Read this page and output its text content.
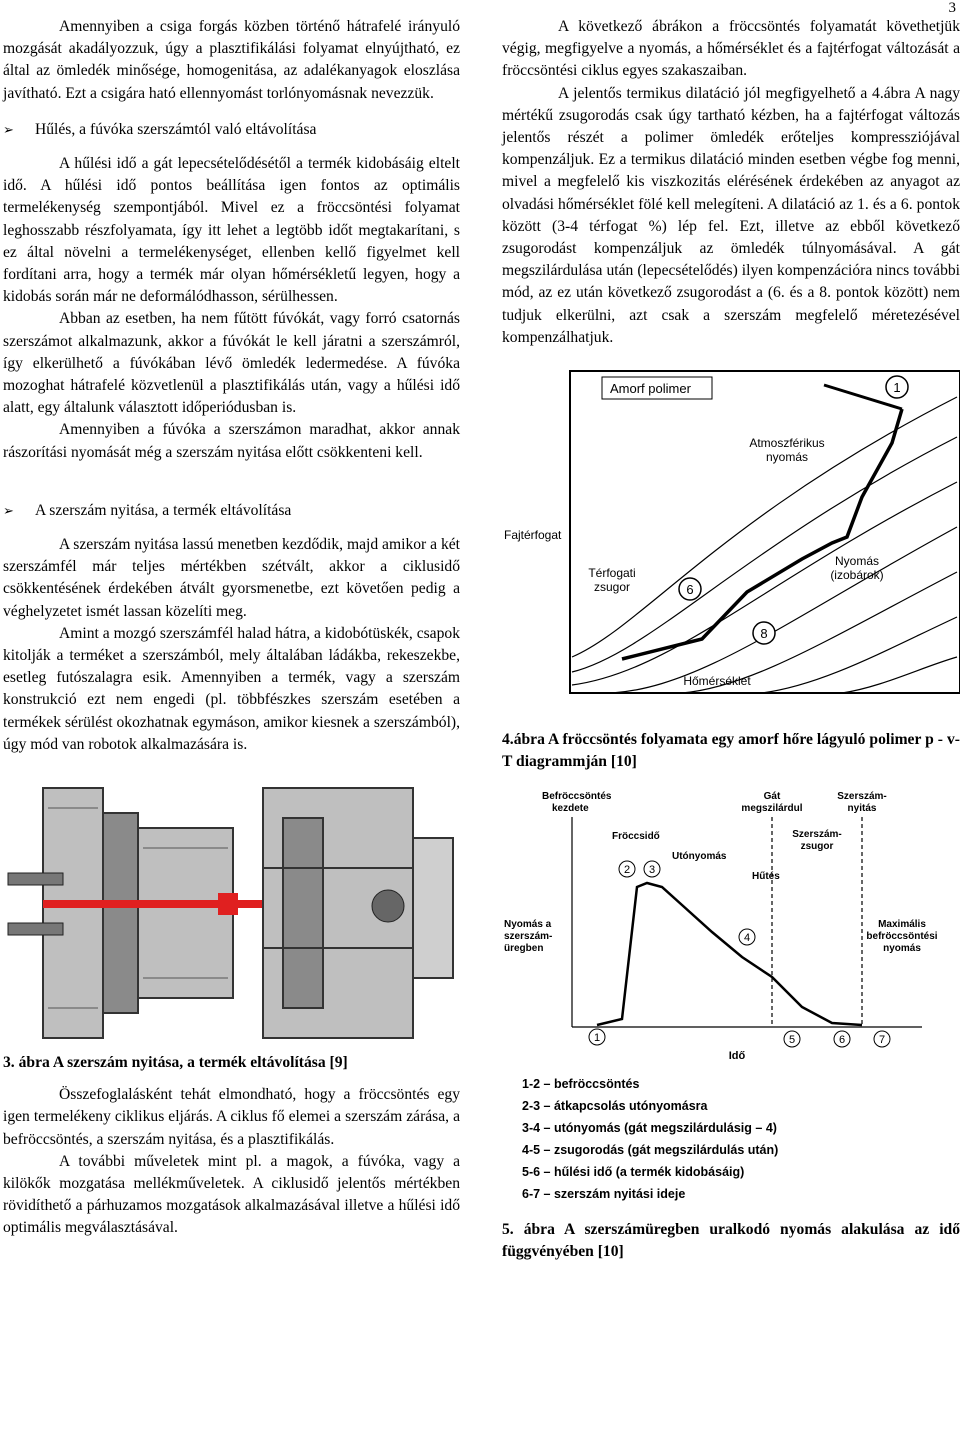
3

Amennyiben a csiga forgás közben történő hátrafelé irányuló mozgását akadályozzuk, úgy a plasztifikálási folyamat elnyújtható, ez által az ömledék minősége, homogenitása, az adalékanyagok eloszlása javítható. Ezt a csigára ható ellennyomást torlónyomásnak nevezzük.

➢	Hűlés, a fúvóka szerszámtól való eltávolítása

A hűlési idő a gát lepecsételődésétől a termék kidobásáig eltelt idő. A hűlési idő pontos beállítása igen fontos az optimális termelékenység szempontjából. Mivel ez a fröccsöntési folyamat leghosszabb részfolyamata, így itt lehet a legtöbb időt megtakarítani, s ez által növelni a termelékenységet, ellenben kellő figyelmet kell fordítani arra, hogy a termék már olyan hőmérsékletű legyen, hogy a kidobás során már ne deformálódhasson, sérülhessen.

Abban az esetben, ha nem fűtött fúvókát, vagy forró csatornás szerszámot alkalmazunk, akkor a fúvókát le kell járatni a szerszámról, így elkerülhető a fúvókában lévő ömledék ledermedése. A fúvóka mozoghat hátrafelé közvetlenül a plasztifikálás után, vagy a hűlési idő alatt, egy általunk választott időperiódusban is.

Amennyiben a fúvóka a szerszámon maradhat, akkor annak rászorítási nyomását még a szerszám nyitása előtt csökkenteni kell.

➢	A szerszám nyitása, a termék eltávolítása

A szerszám nyitása lassú menetben kezdődik, majd amikor a két szerszámfél már teljes mértékben szétvált, akkor a ciklusidő csökkentésének érdekében átvált gyorsmenetbe, ezt követően pedig a véghelyzetet ismét lassan közelíti meg.

Amint a mozgó szerszámfél halad hátra, a kidobótüskék, csapok kitolják a terméket a szerszámból, mely általában ládákba, rekeszekbe, esetleg futószalagra esik. Amennyiben a termék, vagy a szerszám konstrukció ezt nem engedi (pl. többfészkes szerszám esetében a termékek sérülést okozhatnak egymáson, amikor kiesnek a szerszámból), úgy mód van robotok alkalmazására is.

3. ábra A szerszám nyitása, a termék eltávolítása [9]

Összefoglalásként tehát elmondható, hogy a fröccsöntés egy igen termelékeny ciklikus eljárás. A ciklus fő elemei a szerszám zárása, a befröccsöntés, a szerszám nyitása, és a plasztifikálás.

A további műveletek mint pl. a magok, a fúvóka, vagy a kilökők mozgatása mellékműveletek. A ciklusidő jelentős mértékben rövidíthető a párhuzamos mozgatások alkalmazásával illetve a hűlési idő optimális megválasztásával.

A következő ábrákon a fröccsöntés folyamatát követhetjük végig, megfigyelve a nyomás, a hőmérséklet és a fajtérfogat változását a fröccsöntési ciklus egyes szakaszaiban.

A jelentős termikus dilatáció jól megfigyelhető a 4.ábra A nagy mértékű zsugorodás csak úgy tartható kézben, ha a fajtérfogat változás jelentős részét a polimer ömledék erőteljes kompressziójával kompenzáljuk. Ez a termikus dilatáció minden esetben végbe fog menni, mivel a megfelelő kis viszkozitás elérésének érdekében az anyagot az olvadási hőmérséklet fölé kell melegíteni. A dilatáció az 1. és a 6. pontok között (3-4 térfogat %) lép fel. Ezt, illetve az ebből következő zsugorodást kompenzáljuk az ömledék túlnyomásával. A gát megszilárdulása után (lepecsételődés) ilyen kompenzációra nincs további mód, az ez után következő zsugorodást a (6. és a 8. pontok között) nem tudjuk elkerülni, azt csak a szerszám megfelelő méretezésével kompenzálhatjuk.

Amorf polimer
Atmoszférikus
nyomás
Fajtérfogat
Térfogati
zsugor
Nyomás
(izobárok)
Hőmérséklet
1
6
8

4.ábra A fröccsöntés folyamata egy amorf hőre lágyuló polimer p - v- T diagrammján [10]

Befröccsöntés
kezdete
Gát
megszilárdul
Szerszám-
nyitás
Fröccsidő
Utónyomás
Hűtés
Szerszám-
zsugor
Nyomás a
szerszám-
üregben
Maximális
befröccsöntési
nyomás
Idő
1
2 3
4
5	6	7
1-2 – befröccsöntés
2-3 – átkapcsolás utónyomásra
3-4 – utónyomás (gát megszilárdulásig – 4)
4-5 – zsugorodás (gát megszilárdulás után)
5-6 – hűlési idő (a termék kidobásáig)
6-7 – szerszám nyitási ideje

5. ábra A szerszámüregben uralkodó nyomás alakulása az idő függvényében [10]
